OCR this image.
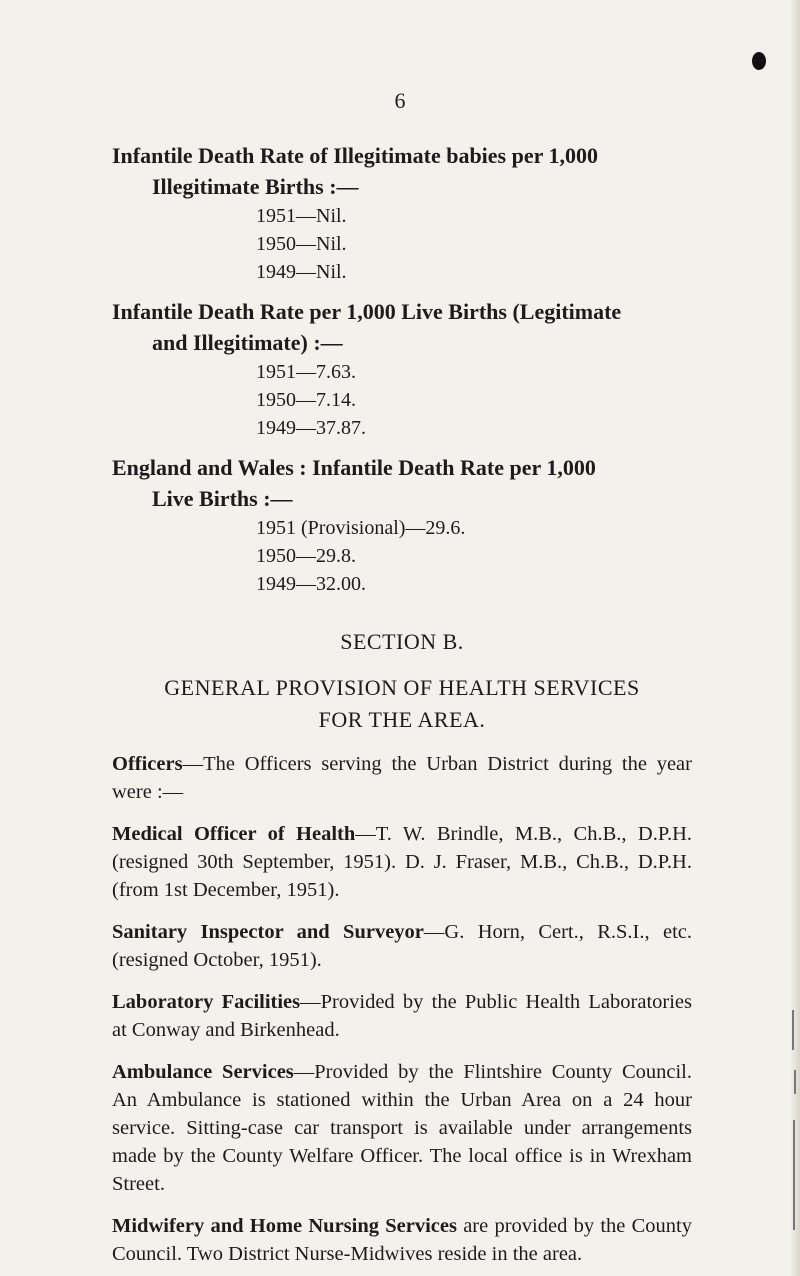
6

Infantile Death Rate of Illegitimate babies per 1,000
Illegitimate Births :—

1951—Nil.
1950—Nil.
1949—Nil.

Infantile Death Rate per 1,000 Live Births (Legitimate
and Illegitimate) :—

1951—7.63.
1950—7.14.
1949—37.87.

England and Wales : Infantile Death Rate per 1,000
Live Births :—

1951 (Provisional)—29.6.
1950—29.8.
1949—32.00.
SECTION B.
GENERAL PROVISION OF HEALTH SERVICES
FOR THE AREA.

Officers—The Officers serving the Urban District during the year were :—

Medical Officer of Health—T. W. Brindle, M.B., Ch.B., D.P.H. (resigned 30th September, 1951). D. J. Fraser, M.B., Ch.B., D.P.H. (from 1st December, 1951).

Sanitary Inspector and Surveyor—G. Horn, Cert., R.S.I., etc. (resigned October, 1951).

Laboratory Facilities—Provided by the Public Health Laboratories at Conway and Birkenhead.

Ambulance Services—Provided by the Flintshire County Council. An Ambulance is stationed within the Urban Area on a 24 hour service. Sitting-case car transport is available under arrangements made by the County Welfare Officer. The local office is in Wrexham Street.

Midwifery and Home Nursing Services are provided by the County Council. Two District Nurse-Midwives reside in the area.
